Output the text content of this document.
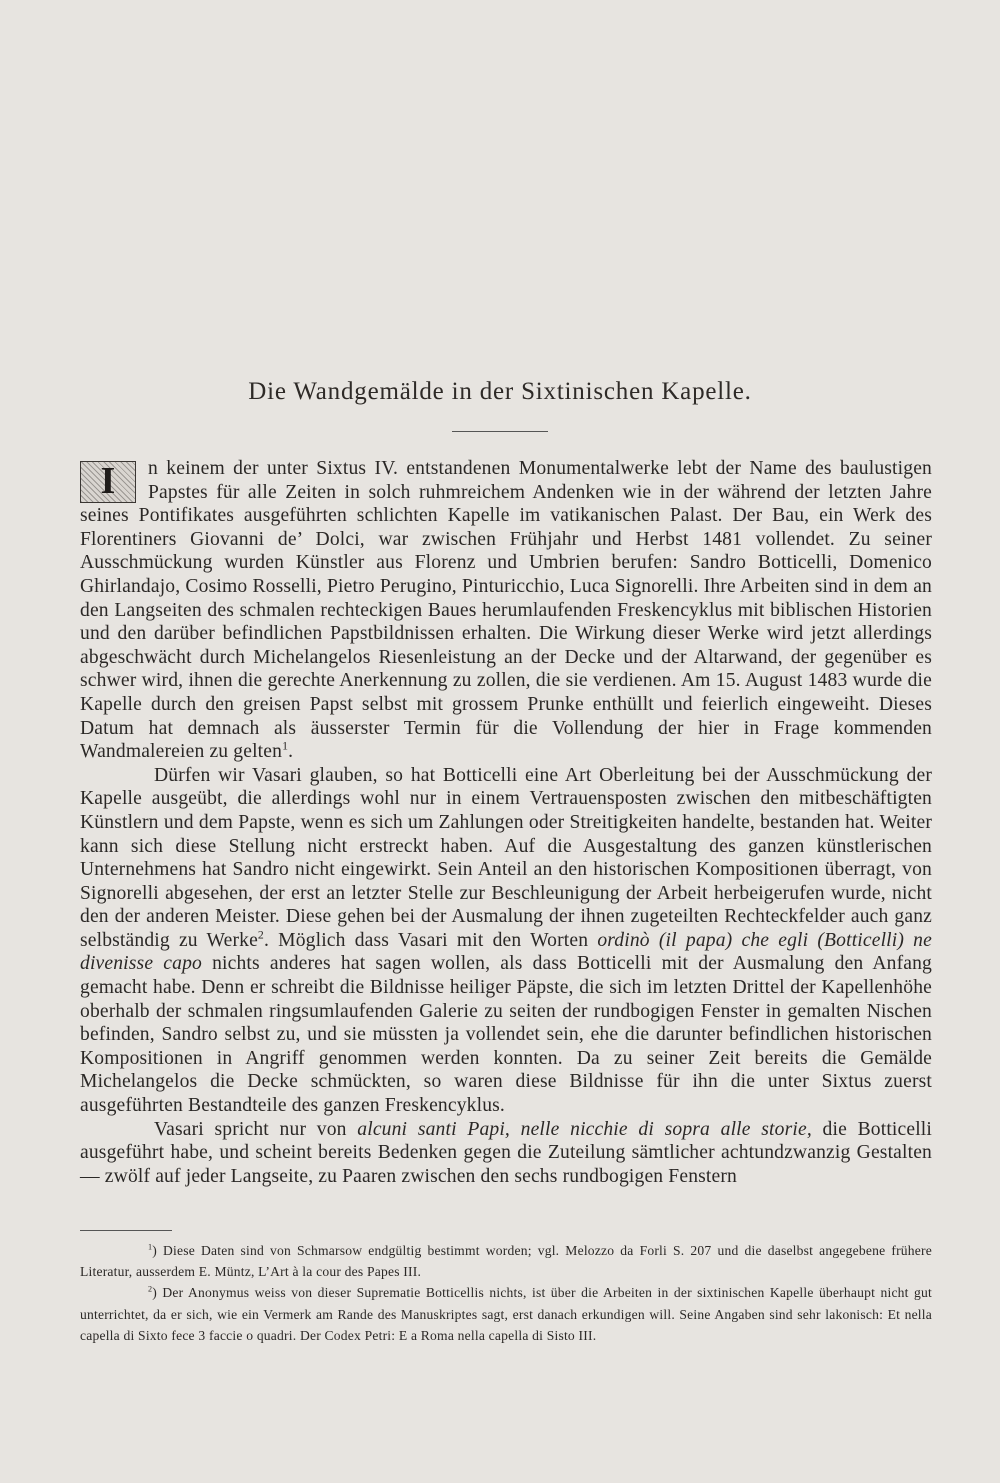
Die Wandgemälde in der Sixtinischen Kapelle.

I	n keinem der unter Sixtus IV. entstandenen Monumentalwerke lebt der Name des baulustigen Papstes für alle Zeiten in solch ruhmreichem Andenken wie in der während der letzten Jahre seines Pontifikates ausgeführten schlichten Kapelle im vatikanischen Palast. Der Bau, ein Werk des Florentiners Giovanni de’ Dolci, war zwischen Frühjahr und Herbst 1481 vollendet. Zu seiner Ausschmückung wurden Künstler aus Florenz und Umbrien berufen: Sandro Botticelli, Domenico Ghirlandajo, Cosimo Rosselli, Pietro Perugino, Pinturicchio, Luca Signorelli. Ihre Arbeiten sind in dem an den Langseiten des schmalen rechteckigen Baues herumlaufenden Freskencyklus mit biblischen Historien und den darüber befindlichen Papstbildnissen erhalten. Die Wirkung dieser Werke wird jetzt allerdings abgeschwächt durch Michelangelos Riesenleistung an der Decke und der Altarwand, der gegenüber es schwer wird, ihnen die gerechte Anerkennung zu zollen, die sie verdienen. Am 15. August 1483 wurde die Kapelle durch den greisen Papst selbst mit grossem Prunke enthüllt und feierlich eingeweiht. Dieses Datum hat demnach als äusserster Termin für die Vollendung der hier in Frage kommenden Wandmalereien zu gelten$^1$.

Dürfen wir Vasari glauben, so hat Botticelli eine Art Oberleitung bei der Ausschmückung der Kapelle ausgeübt, die allerdings wohl nur in einem Vertrauensposten zwischen den mitbeschäftigten Künstlern und dem Papste, wenn es sich um Zahlungen oder Streitigkeiten handelte, bestanden hat. Weiter kann sich diese Stellung nicht erstreckt haben. Auf die Ausgestaltung des ganzen künstlerischen Unternehmens hat Sandro nicht eingewirkt. Sein Anteil an den historischen Kompositionen überragt, von Signorelli abgesehen, der erst an letzter Stelle zur Beschleunigung der Arbeit herbeigerufen wurde, nicht den der anderen Meister. Diese gehen bei der Ausmalung der ihnen zugeteilten Rechteckfelder auch ganz selbständig zu Werke$^2$. Möglich dass Vasari mit den Worten ordinò (il papa) che egli (Botticelli) ne divenisse capo nichts anderes hat sagen wollen, als dass Botticelli mit der Ausmalung den Anfang gemacht habe. Denn er schreibt die Bildnisse heiliger Päpste, die sich im letzten Drittel der Kapellenhöhe oberhalb der schmalen ringsumlaufenden Galerie zu seiten der rundbogigen Fenster in gemalten Nischen befinden, Sandro selbst zu, und sie müssten ja vollendet sein, ehe die darunter befindlichen historischen Kompositionen in Angriff genommen werden konnten. Da zu seiner Zeit bereits die Gemälde Michelangelos die Decke schmückten, so waren diese Bildnisse für ihn die unter Sixtus zuerst ausgeführten Bestandteile des ganzen Freskencyklus.

Vasari spricht nur von alcuni santi Papi, nelle nicchie di sopra alle storie, die Botticelli ausgeführt habe, und scheint bereits Bedenken gegen die Zuteilung sämtlicher achtundzwanzig Gestalten — zwölf auf jeder Langseite, zu Paaren zwischen den sechs rundbogigen Fenstern

$^1$) Diese Daten sind von Schmarsow endgültig bestimmt worden; vgl. Melozzo da Forli S. 207 und die daselbst angegebene frühere Literatur, ausserdem E. Müntz, L’Art à la cour des Papes III.

$^2$) Der Anonymus weiss von dieser Suprematie Botticellis nichts, ist über die Arbeiten in der sixtinischen Kapelle überhaupt nicht gut unterrichtet, da er sich, wie ein Vermerk am Rande des Manuskriptes sagt, erst danach erkundigen will. Seine Angaben sind sehr lakonisch: Et nella capella di Sixto fece 3 faccie o quadri. Der Codex Petri: E a Roma nella capella di Sisto III.
